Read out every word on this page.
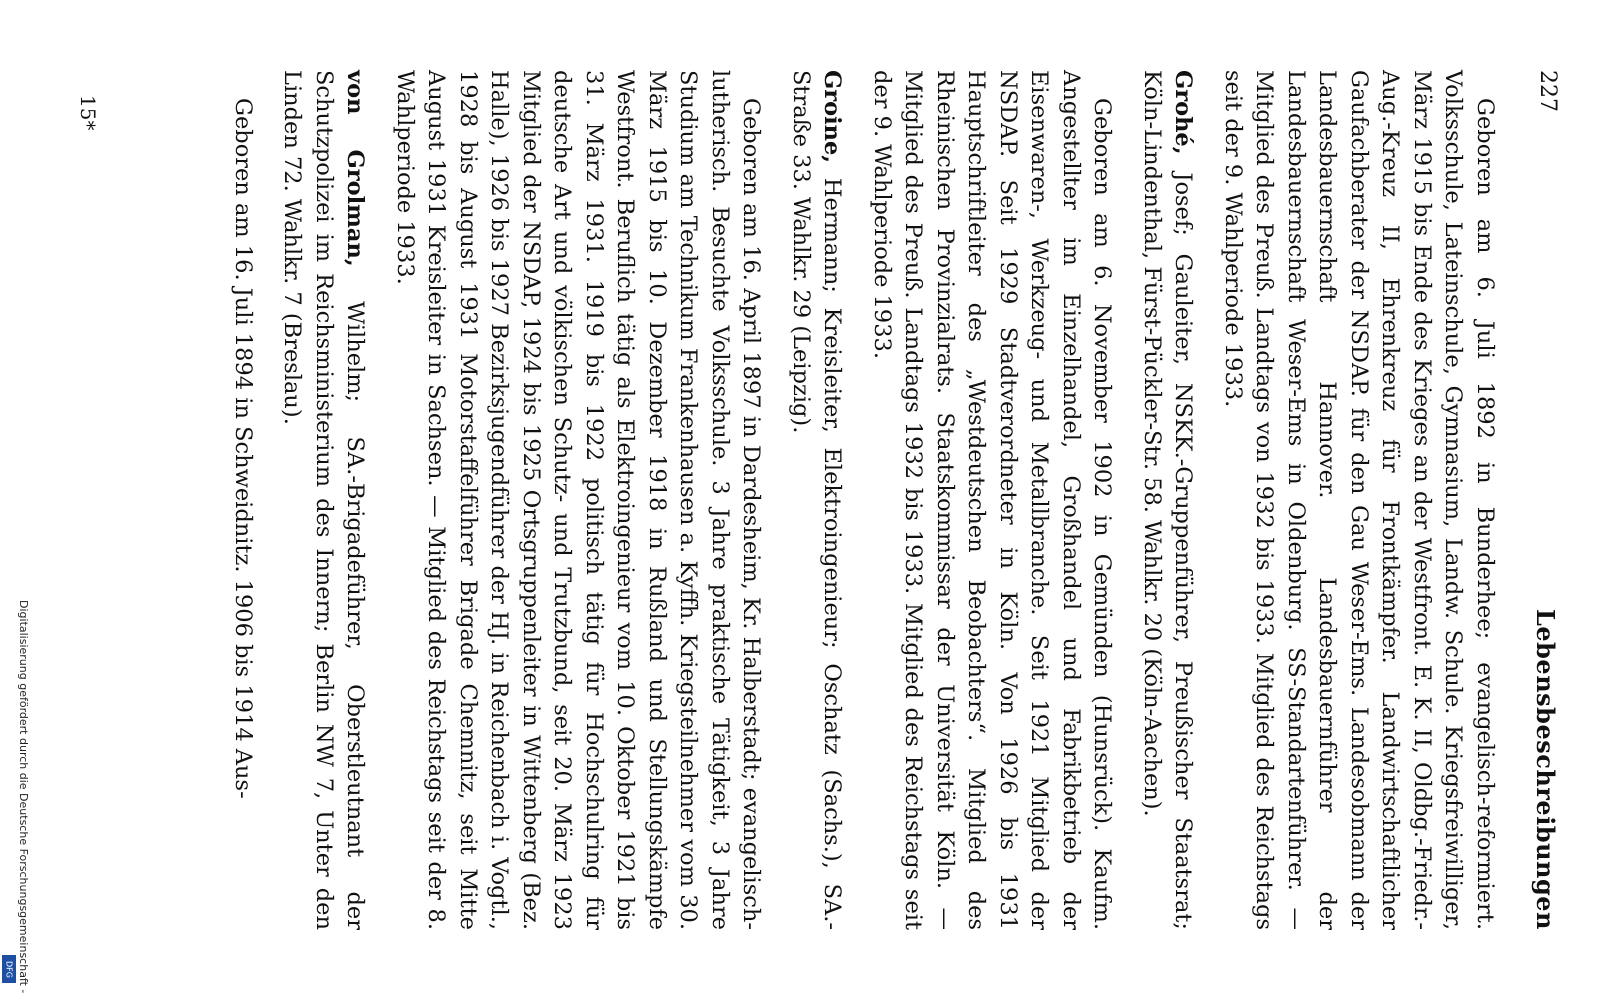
227
Lebensbeschreibungen

Geboren am 6. Juli 1892 in Bunderhee; evangelisch-reformiert. Volksschule, Lateinschule, Gymnasium, Landw. Schule. Kriegsfreiwilliger, März 1915 bis Ende des Krieges an der Westfront. E. K. II, Oldbg.-Friedr.-Aug.-Kreuz II, Ehrenkreuz für Frontkämpfer. Landwirtschaftlicher Gaufachberater der NSDAP. für den Gau Weser-Ems. Landesobmann der Landesbauernschaft Hannover. Landesbauernführer der Landesbauernschaft Weser-Ems in Oldenburg. SS-Standartenführer. — Mitglied des Preuß. Landtags von 1932 bis 1933. Mitglied des Reichstags seit der 9. Wahlperiode 1933.

Grohé, Josef; Gauleiter, NSKK.-Gruppenführer, Preußischer Staatsrat; Köln-Lindenthal, Fürst-Pückler-Str. 58. Wahlkr. 20 (Köln-Aachen).

Geboren am 6. November 1902 in Gemünden (Hunsrück). Kaufm. Angestellter im Einzelhandel, Großhandel und Fabrikbetrieb der Eisenwaren-, Werkzeug- und Metallbranche. Seit 1921 Mitglied der NSDAP. Seit 1929 Stadtverordneter in Köln. Von 1926 bis 1931 Hauptschriftleiter des „Westdeutschen Beobachters“. Mitglied des Rheinischen Provinzialrats. Staatskommissar der Universität Köln. — Mitglied des Preuß. Landtags 1932 bis 1933. Mitglied des Reichstags seit der 9. Wahlperiode 1933.

Groine, Hermann; Kreisleiter, Elektroingenieur; Oschatz (Sachs.), SA.-Straße 33. Wahlkr. 29 (Leipzig).

Geboren am 16. April 1897 in Dardesheim, Kr. Halberstadt; evangelisch-lutherisch. Besuchte Volksschule. 3 Jahre praktische Tätigkeit, 3 Jahre Studium am Technikum Frankenhausen a. Kyffh. Kriegsteilnehmer vom 30. März 1915 bis 10. Dezember 1918 in Rußland und Stellungskämpfe Westfront. Beruflich tätig als Elektroingenieur vom 10. Oktober 1921 bis 31. März 1931. 1919 bis 1922 politisch tätig für Hochschulring für deutsche Art und völkischen Schutz- und Trutzbund, seit 20. März 1923 Mitglied der NSDAP, 1924 bis 1925 Ortsgruppenleiter in Wittenberg (Bez. Halle), 1926 bis 1927 Bezirksjugendführer der HJ. in Reichenbach i. Vogtl., 1928 bis August 1931 Motorstaffelführer Brigade Chemnitz, seit Mitte August 1931 Kreisleiter in Sachsen. — Mitglied des Reichstags seit der 8. Wahlperiode 1933.

von Grolman, Wilhelm; SA.-Brigadeführer, Oberstleutnant der Schutzpolizei im Reichsministerium des Innern; Berlin NW 7, Unter den Linden 72. Wahlkr. 7 (Breslau).

Geboren am 16. Juli 1894 in Schweidnitz. 1906 bis 1914 Aus-

15*
Digitalisierung gefördert durch die Deutsche Forschungsgemeinschaft -
DFG
